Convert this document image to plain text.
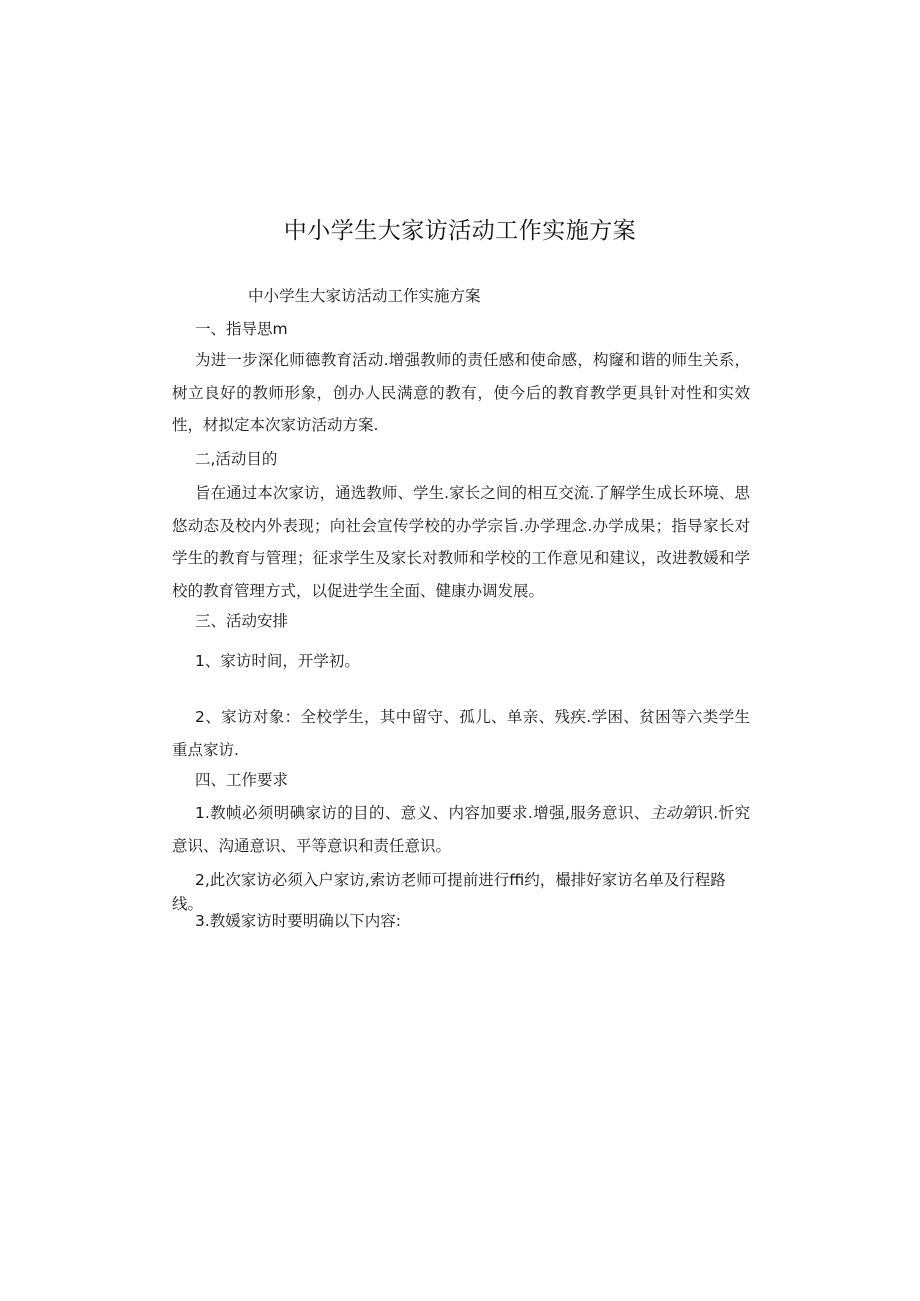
中小学生大家访活动工作实施方案
中小学生大家访活动工作实施方案
一、指导思m
为进一步深化师德教育活动.增强教师的责任感和使命感，构窿和谐的师生关系，树立良好的教师形象，创办人民满意的教有，使今后的教育教学更具针对性和实效性，材拟定本次家访活动方案.
二,活动目的
旨在通过本次家访，通选教师、学生.家长之间的相互交流.了解学生成长环境、思悠动态及校内外表现；向社会宣传学校的办学宗旨.办学理念.办学成果；指导家长对学生的教育与管理；征求学生及家长对教师和学校的工作意见和建议，改进教媛和学校的教育管理方式，以促进学生全面、健康办调发展。
三、活动安排
1、家访时间，开学初。
2、家访对象：全校学生，其中留守、孤儿、单亲、残疾.学困、贫困等六类学生重点家访.
四、工作要求
1.教帧必须明碘家访的目的、意义、内容加要求.增强,服务意识、主动第识.忻究意识、沟通意识、平等意识和责任意识。
2,此次家访必须入户家访,索访老师可提前进行ffi约，樶排好家访名单及行程路线。
3.教媛家访时要明确以下内容:
